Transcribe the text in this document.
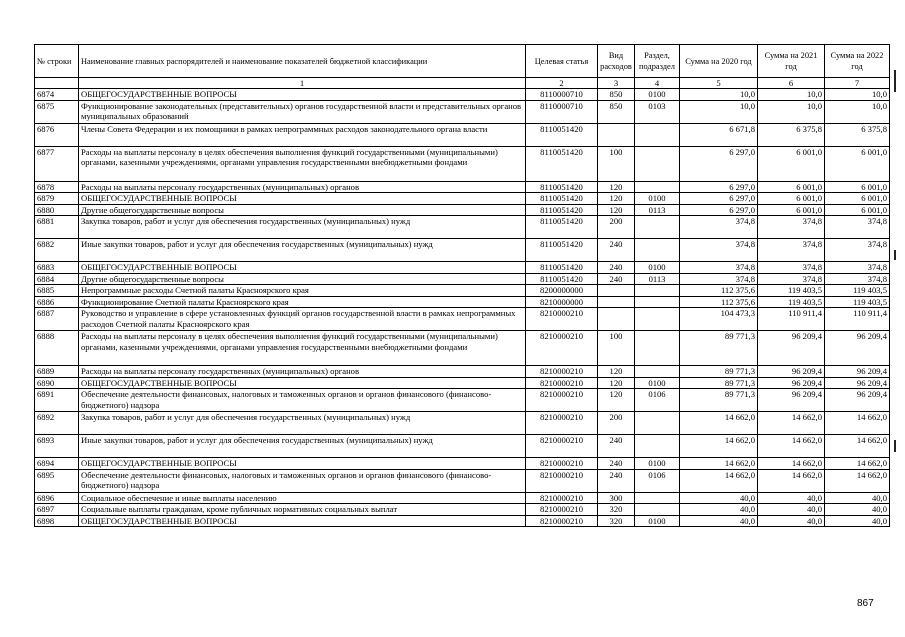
№ строки	Наименование главных распорядителей и наименование показателей бюджетной классификации	Целевая статья	Вид расходов	Раздел, подраздел	Сумма на 2020 год	Сумма на 2021 год	Сумма на 2022 год
	1	2	3	4	5	6	7
6874	ОБЩЕГОСУДАРСТВЕННЫЕ ВОПРОСЫ	8110000710	850	0100	10,0	10,0	10,0
6875	Функционирование законодательных (представительных) органов государственной власти и представительных органов муниципальных образований	8110000710	850	0103	10,0	10,0	10,0
6876	Члены Совета Федерации и их помощники в рамках непрограммных расходов законодательного органа власти	8110051420			6 671,8	6 375,8	6 375,8
6877	Расходы на выплаты персоналу в целях обеспечения выполнения функций государственными (муниципальными) органами, казенными учреждениями, органами управления государственными внебюджетными фондами	8110051420	100		6 297,0	6 001,0	6 001,0
6878	Расходы на выплаты персоналу государственных (муниципальных) органов	8110051420	120		6 297,0	6 001,0	6 001,0
6879	ОБЩЕГОСУДАРСТВЕННЫЕ ВОПРОСЫ	8110051420	120	0100	6 297,0	6 001,0	6 001,0
6880	Другие общегосударственные вопросы	8110051420	120	0113	6 297,0	6 001,0	6 001,0
6881	Закупка товаров, работ и услуг для обеспечения государственных (муниципальных) нужд	8110051420	200		374,8	374,8	374,8
6882	Иные закупки товаров, работ и услуг для обеспечения государственных (муниципальных) нужд	8110051420	240		374,8	374,8	374,8
6883	ОБЩЕГОСУДАРСТВЕННЫЕ ВОПРОСЫ	8110051420	240	0100	374,8	374,8	374,8
6884	Другие общегосударственные вопросы	8110051420	240	0113	374,8	374,8	374,8
6885	Непрограммные расходы Счетной палаты Красноярского края	8200000000			112 375,6	119 403,5	119 403,5
6886	Функционирование Счетной палаты Красноярского края	8210000000			112 375,6	119 403,5	119 403,5
6887	Руководство и управление в сфере установленных функций органов государственной власти в рамках непрограммных расходов Счетной палаты Красноярского края	8210000210			104 473,3	110 911,4	110 911,4
6888	Расходы на выплаты персоналу в целях обеспечения выполнения функций государственными (муниципальными) органами, казенными учреждениями, органами управления государственными внебюджетными фондами	8210000210	100		89 771,3	96 209,4	96 209,4
6889	Расходы на выплаты персоналу государственных (муниципальных) органов	8210000210	120		89 771,3	96 209,4	96 209,4
6890	ОБЩЕГОСУДАРСТВЕННЫЕ ВОПРОСЫ	8210000210	120	0100	89 771,3	96 209,4	96 209,4
6891	Обеспечение деятельности финансовых, налоговых и таможенных органов и органов финансового (финансово-бюджетного) надзора	8210000210	120	0106	89 771,3	96 209,4	96 209,4
6892	Закупка товаров, работ и услуг для обеспечения государственных (муниципальных) нужд	8210000210	200		14 662,0	14 662,0	14 662,0
6893	Иные закупки товаров, работ и услуг для обеспечения государственных (муниципальных) нужд	8210000210	240		14 662,0	14 662,0	14 662,0
6894	ОБЩЕГОСУДАРСТВЕННЫЕ ВОПРОСЫ	8210000210	240	0100	14 662,0	14 662,0	14 662,0
6895	Обеспечение деятельности финансовых, налоговых и таможенных органов и органов финансового (финансово-бюджетного) надзора	8210000210	240	0106	14 662,0	14 662,0	14 662,0
6896	Социальное обеспечение и иные выплаты населению	8210000210	300		40,0	40,0	40,0
6897	Социальные выплаты гражданам, кроме публичных нормативных социальных выплат	8210000210	320		40,0	40,0	40,0
6898	ОБЩЕГОСУДАРСТВЕННЫЕ ВОПРОСЫ	8210000210	320	0100	40,0	40,0	40,0
867
